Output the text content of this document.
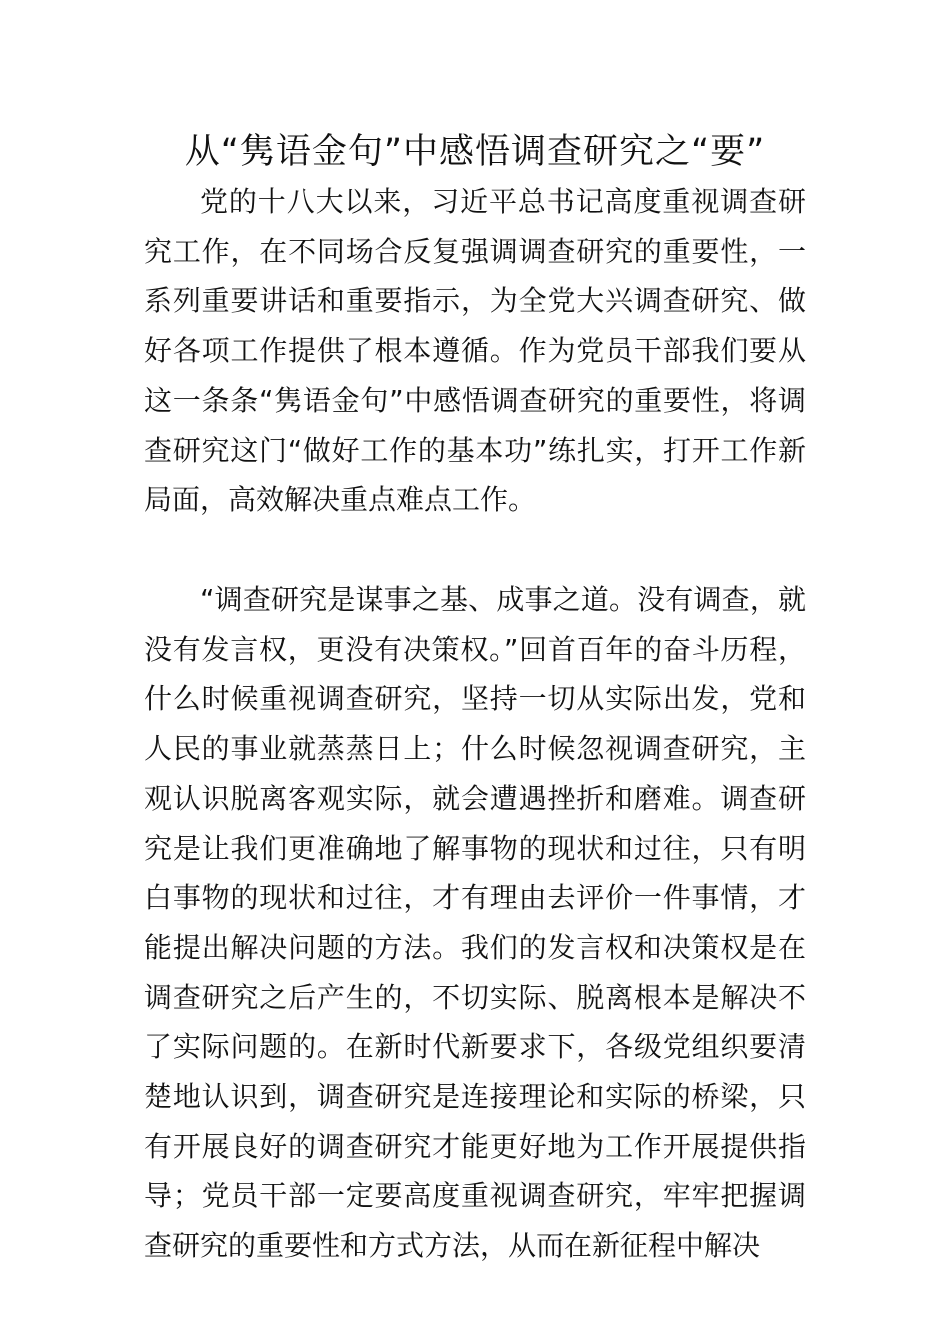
从“隽语金句”中感悟调查研究之“要”

党的十八大以来，习近平总书记高度重视调查研究工作，在不同场合反复强调调查研究的重要性，一系列重要讲话和重要指示，为全党大兴调查研究、做好各项工作提供了根本遵循。作为党员干部我们要从这一条条“隽语金句”中感悟调查研究的重要性，将调查研究这门“做好工作的基本功”练扎实，打开工作新局面，高效解决重点难点工作。

“调查研究是谋事之基、成事之道。没有调查，就没有发言权，更没有决策权。”回首百年的奋斗历程，什么时候重视调查研究，坚持一切从实际出发，党和人民的事业就蒸蒸日上；什么时候忽视调查研究，主观认识脱离客观实际，就会遭遇挫折和磨难。调查研究是让我们更准确地了解事物的现状和过往，只有明白事物的现状和过往，才有理由去评价一件事情，才能提出解决问题的方法。我们的发言权和决策权是在调查研究之后产生的，不切实际、脱离根本是解决不了实际问题的。在新时代新要求下，各级党组织要清楚地认识到，调查研究是连接理论和实际的桥梁，只有开展良好的调查研究才能更好地为工作开展提供指导；党员干部一定要高度重视调查研究，牢牢把握调查研究的重要性和方式方法，从而在新征程中解决
